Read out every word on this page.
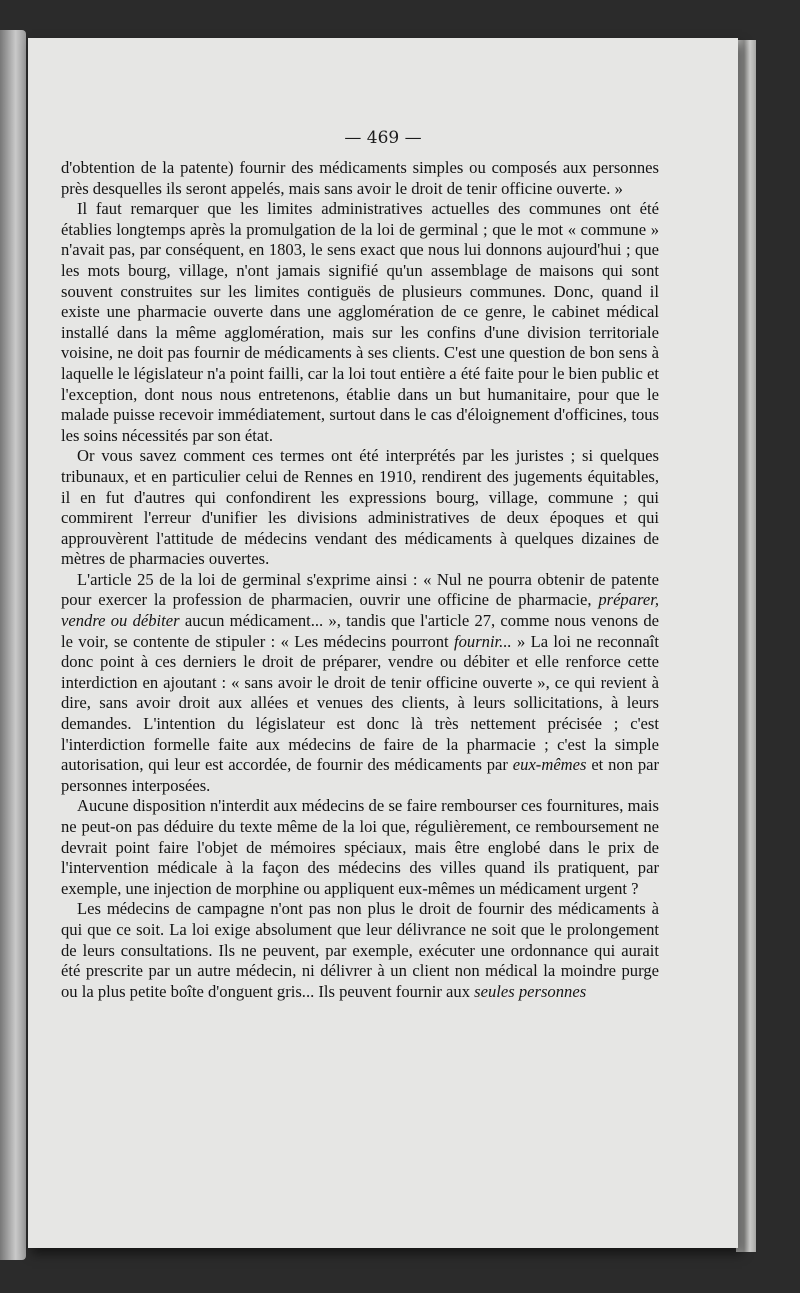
— 469 —

d'obtention de la patente) fournir des médicaments simples ou composés aux personnes près desquelles ils seront appelés, mais sans avoir le droit de tenir officine ouverte. »

Il faut remarquer que les limites administratives actuelles des communes ont été établies longtemps après la promulgation de la loi de germinal ; que le mot « commune » n'avait pas, par conséquent, en 1803, le sens exact que nous lui donnons aujourd'hui ; que les mots bourg, village, n'ont jamais signifié qu'un assemblage de maisons qui sont souvent construites sur les limites contiguës de plusieurs communes. Donc, quand il existe une pharmacie ouverte dans une agglomération de ce genre, le cabinet médical installé dans la même agglomération, mais sur les confins d'une division territoriale voisine, ne doit pas fournir de médicaments à ses clients. C'est une question de bon sens à laquelle le législateur n'a point failli, car la loi tout entière a été faite pour le bien public et l'exception, dont nous nous entretenons, établie dans un but humanitaire, pour que le malade puisse recevoir immédiatement, surtout dans le cas d'éloignement d'officines, tous les soins nécessités par son état.

Or vous savez comment ces termes ont été interprétés par les juristes ; si quelques tribunaux, et en particulier celui de Rennes en 1910, rendirent des jugements équitables, il en fut d'autres qui confondirent les expressions bourg, village, commune ; qui commirent l'erreur d'unifier les divisions administratives de deux époques et qui approuvèrent l'attitude de médecins vendant des médicaments à quelques dizaines de mètres de pharmacies ouvertes.

L'article 25 de la loi de germinal s'exprime ainsi : « Nul ne pourra obtenir de patente pour exercer la profession de pharmacien, ouvrir une officine de pharmacie, préparer, vendre ou débiter aucun médicament... », tandis que l'article 27, comme nous venons de le voir, se contente de stipuler : « Les médecins pourront fournir... » La loi ne reconnaît donc point à ces derniers le droit de préparer, vendre ou débiter et elle renforce cette interdiction en ajoutant : « sans avoir le droit de tenir officine ouverte », ce qui revient à dire, sans avoir droit aux allées et venues des clients, à leurs sollicitations, à leurs demandes. L'intention du législateur est donc là très nettement précisée ; c'est l'interdiction formelle faite aux médecins de faire de la pharmacie ; c'est la simple autorisation, qui leur est accordée, de fournir des médicaments par eux-mêmes et non par personnes interposées.

Aucune disposition n'interdit aux médecins de se faire rembourser ces fournitures, mais ne peut-on pas déduire du texte même de la loi que, régulièrement, ce remboursement ne devrait point faire l'objet de mémoires spéciaux, mais être englobé dans le prix de l'intervention médicale à la façon des médecins des villes quand ils pratiquent, par exemple, une injection de morphine ou appliquent eux-mêmes un médicament urgent ?

Les médecins de campagne n'ont pas non plus le droit de fournir des médicaments à qui que ce soit. La loi exige absolument que leur délivrance ne soit que le prolongement de leurs consultations. Ils ne peuvent, par exemple, exécuter une ordonnance qui aurait été prescrite par un autre médecin, ni délivrer à un client non médical la moindre purge ou la plus petite boîte d'onguent gris... Ils peuvent fournir aux seules personnes
